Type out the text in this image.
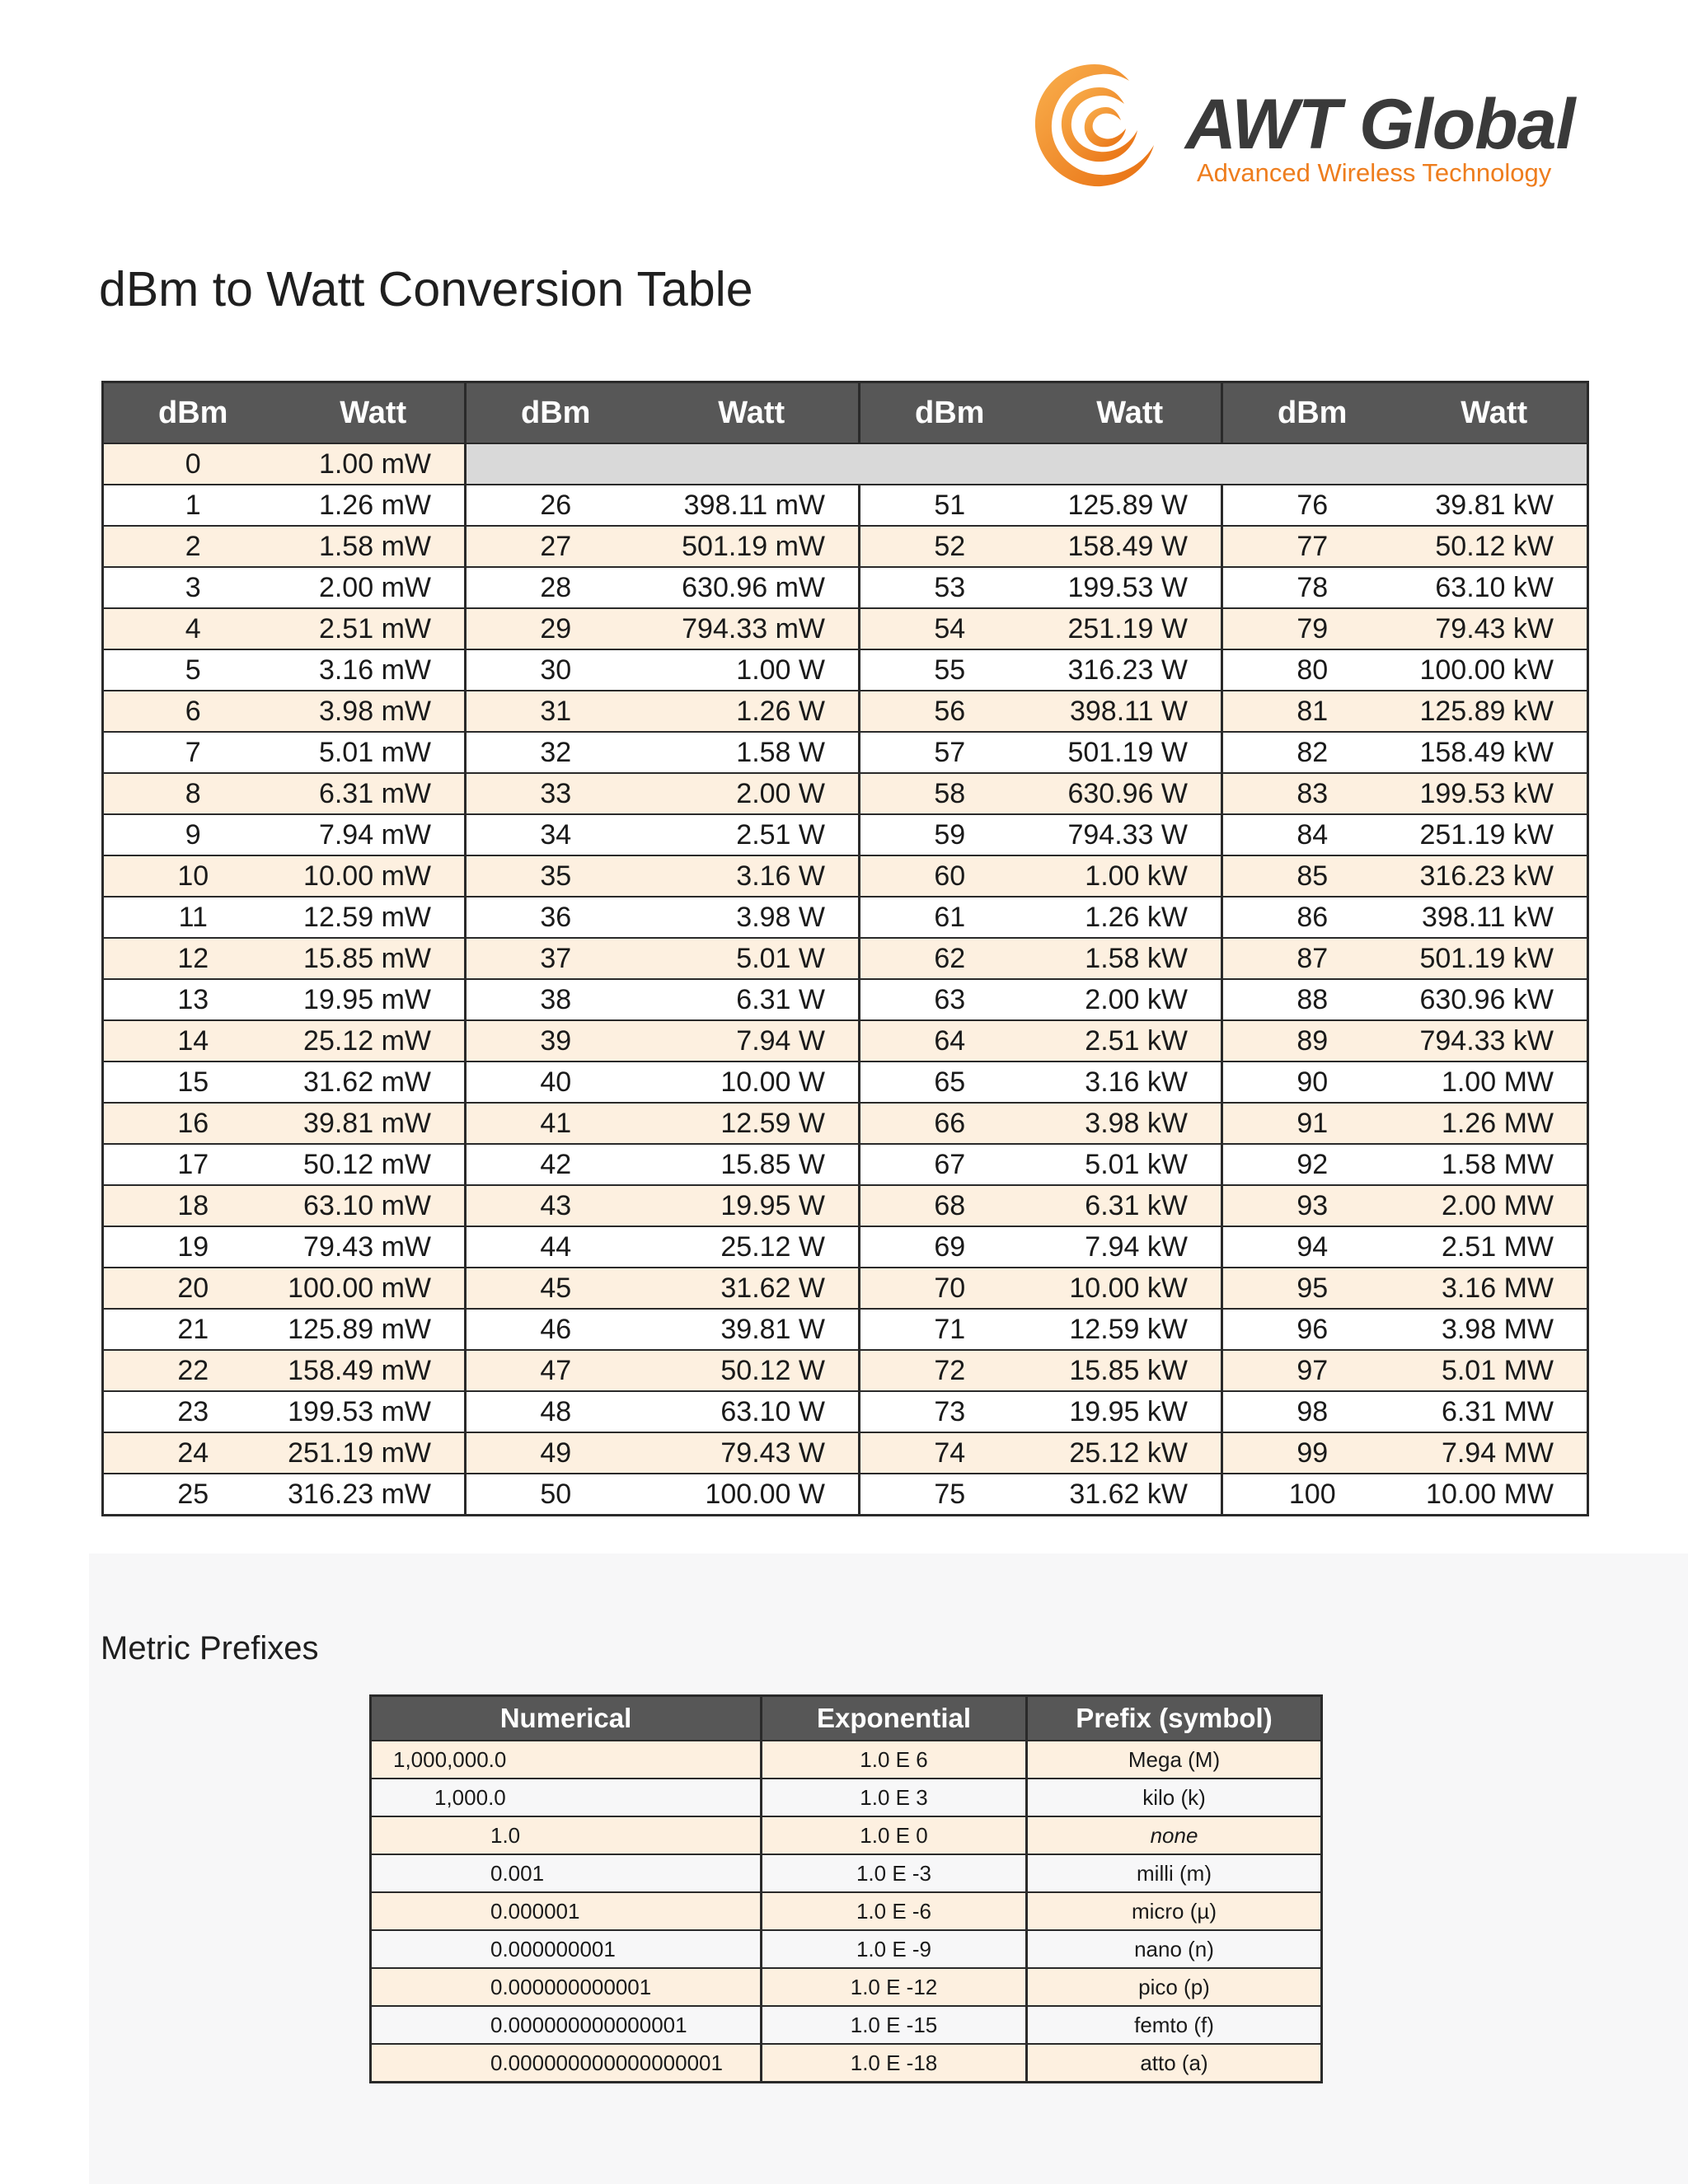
AWT Global
Advanced Wireless Technology
dBm to Watt Conversion Table
dBm	Watt	dBm	Watt	dBm	Watt	dBm	Watt
0	1.00 mW						
1	1.26 mW	26	398.11 mW	51	125.89 W	76	39.81 kW
2	1.58 mW	27	501.19 mW	52	158.49 W	77	50.12 kW
3	2.00 mW	28	630.96 mW	53	199.53 W	78	63.10 kW
4	2.51 mW	29	794.33 mW	54	251.19 W	79	79.43 kW
5	3.16 mW	30	1.00 W	55	316.23 W	80	100.00 kW
6	3.98 mW	31	1.26 W	56	398.11 W	81	125.89 kW
7	5.01 mW	32	1.58 W	57	501.19 W	82	158.49 kW
8	6.31 mW	33	2.00 W	58	630.96 W	83	199.53 kW
9	7.94 mW	34	2.51 W	59	794.33 W	84	251.19 kW
10	10.00 mW	35	3.16 W	60	1.00 kW	85	316.23 kW
11	12.59 mW	36	3.98 W	61	1.26 kW	86	398.11 kW
12	15.85 mW	37	5.01 W	62	1.58 kW	87	501.19 kW
13	19.95 mW	38	6.31 W	63	2.00 kW	88	630.96 kW
14	25.12 mW	39	7.94 W	64	2.51 kW	89	794.33 kW
15	31.62 mW	40	10.00 W	65	3.16 kW	90	1.00 MW
16	39.81 mW	41	12.59 W	66	3.98 kW	91	1.26 MW
17	50.12 mW	42	15.85 W	67	5.01 kW	92	1.58 MW
18	63.10 mW	43	19.95 W	68	6.31 kW	93	2.00 MW
19	79.43 mW	44	25.12 W	69	7.94 kW	94	2.51 MW
20	100.00 mW	45	31.62 W	70	10.00 kW	95	3.16 MW
21	125.89 mW	46	39.81 W	71	12.59 kW	96	3.98 MW
22	158.49 mW	47	50.12 W	72	15.85 kW	97	5.01 MW
23	199.53 mW	48	63.10 W	73	19.95 kW	98	6.31 MW
24	251.19 mW	49	79.43 W	74	25.12 kW	99	7.94 MW
25	316.23 mW	50	100.00 W	75	31.62 kW	100	10.00 MW
Metric Prefixes
Numerical	Exponential	Prefix (symbol)
1,000,000.0	1.0 E 6	Mega (M)
1,000.0	1.0 E 3	kilo (k)
1.0	1.0 E 0	none
0.001	1.0 E -3	milli (m)
0.000001	1.0 E -6	micro (µ)
0.000000001	1.0 E -9	nano (n)
0.000000000001	1.0 E -12	pico (p)
0.000000000000001	1.0 E -15	femto (f)
0.000000000000000001	1.0 E -18	atto (a)
